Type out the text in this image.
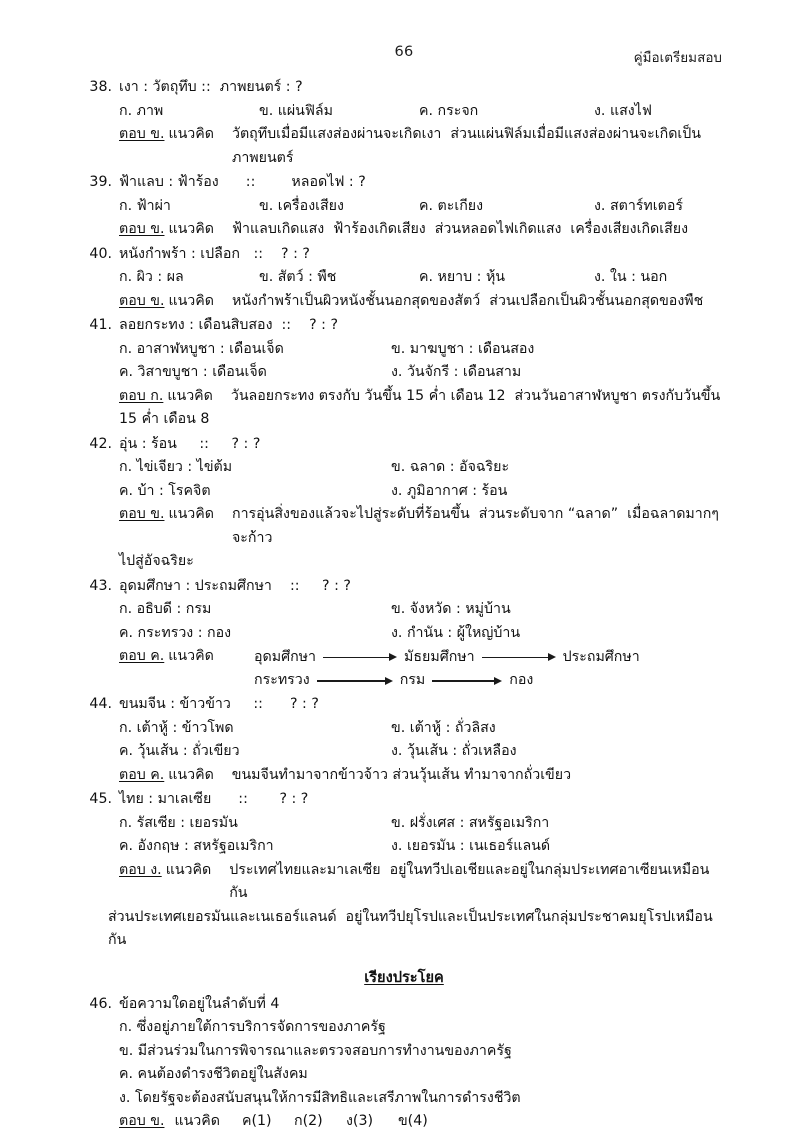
66	คู่มือเตรียมสอบ
38. เงา : วัตถุทึบ ::  ภาพยนตร์ : ?
ก. ภาพ	ข. แผ่นฟิล์ม	ค. กระจก	ง. แสงไฟ
ตอบ ข. แนวคิด วัตถุทึบเมื่อมีแสงส่องผ่านจะเกิดเงา  ส่วนแผ่นฟิล์มเมื่อมีแสงส่องผ่านจะเกิดเป็นภาพยนตร์
39. ฟ้าแลบ : ฟ้าร้อง      ::        หลอดไฟ : ?
ก. ฟ้าผ่า	ข. เครื่องเสียง	ค. ตะเกียง	ง. สตาร์ทเตอร์
ตอบ ข. แนวคิด ฟ้าแลบเกิดแสง  ฟ้าร้องเกิดเสียง  ส่วนหลอดไฟเกิดแสง  เครื่องเสียงเกิดเสียง
40. หนังกำพร้า : เปลือก   ::    ? : ?
ก. ผิว : ผล	ข. สัตว์ : พืช	ค. หยาบ : หุ้น	ง. ใน : นอก
ตอบ ข. แนวคิด หนังกำพร้าเป็นผิวหนังชั้นนอกสุดของสัตว์  ส่วนเปลือกเป็นผิวชั้นนอกสุดของพืช
41. ลอยกระทง : เดือนสิบสอง  ::    ? : ?
ก. อาสาฬหบูชา : เดือนเจ็ด	ข. มาฆบูชา : เดือนสอง
ค. วิสาขบูชา : เดือนเจ็ด	ง. วันจักรี : เดือนสาม
ตอบ ก. แนวคิด วันลอยกระทง ตรงกับ วันขึ้น 15 ค่ำ เดือน 12  ส่วนวันอาสาฬหบูชา ตรงกับวันขึ้น
15 ค่ำ เดือน 8
42. อุ่น : ร้อน     ::     ? : ?
ก. ไข่เจียว : ไข่ต้ม	ข. ฉลาด : อัจฉริยะ
ค. บ้า : โรคจิต	ง. ภูมิอากาศ : ร้อน
ตอบ ข. แนวคิด การอุ่นสิ่งของแล้วจะไปสู่ระดับที่ร้อนขึ้น  ส่วนระดับจาก “ฉลาด”  เมื่อฉลาดมากๆ จะก้าว
ไปสู่อัจฉริยะ
43. อุดมศึกษา : ประถมศึกษา    ::     ? : ?
ก. อธิบดี : กรม	ข. จังหวัด : หมู่บ้าน
ค. กระทรวง : กอง	ง. กำนัน : ผู้ใหญ่บ้าน
ตอบ ค. แนวคิด	อุดมศึกษา

	มัธยมศึกษา

	ประถมศึกษา
กระทรวง

	กรม

	กอง
44. ขนมจีน : ข้าวข้าว     ::      ? : ?
ก. เต้าหู้ : ข้าวโพด	ข. เต้าหู้ : ถั่วลิสง
ค. วุ้นเส้น : ถั่วเขียว	ง. วุ้นเส้น : ถั่วเหลือง
ตอบ ค. แนวคิด ขนมจีนทำมาจากข้าวจ้าว ส่วนวุ้นเส้น ทำมาจากถั่วเขียว
45. ไทย : มาเลเซีย      ::       ? : ?
ก. รัสเซีย : เยอรมัน	ข. ฝรั่งเศส : สหรัฐอเมริกา
ค. อังกฤษ : สหรัฐอเมริกา	ง. เยอรมัน : เนเธอร์แลนด์
ตอบ ง. แนวคิด ประเทศไทยและมาเลเซีย  อยู่ในทวีปเอเชียและอยู่ในกลุ่มประเทศอาเซียนเหมือนกัน
ส่วนประเทศเยอรมันและเนเธอร์แลนด์  อยู่ในทวีปยุโรปและเป็นประเทศในกลุ่มประชาคมยุโรปเหมือนกัน
เรียงประโยค
46. ข้อความใดอยู่ในลำดับที่ 4
ก. ซึ่งอยู่ภายใต้การบริการจัดการของภาครัฐ
ข. มีส่วนร่วมในการพิจารณาและตรวจสอบการทำงานของภาครัฐ
ค. คนต้องดำรงชีวิตอยู่ในสังคม
ง. โดยรัฐจะต้องสนับสนุนให้การมีสิทธิและเสรีภาพในการดำรงชีวิต
ตอบ ข. แนวคิด ค(1)	ก(2)	ง(3)	ข(4)
